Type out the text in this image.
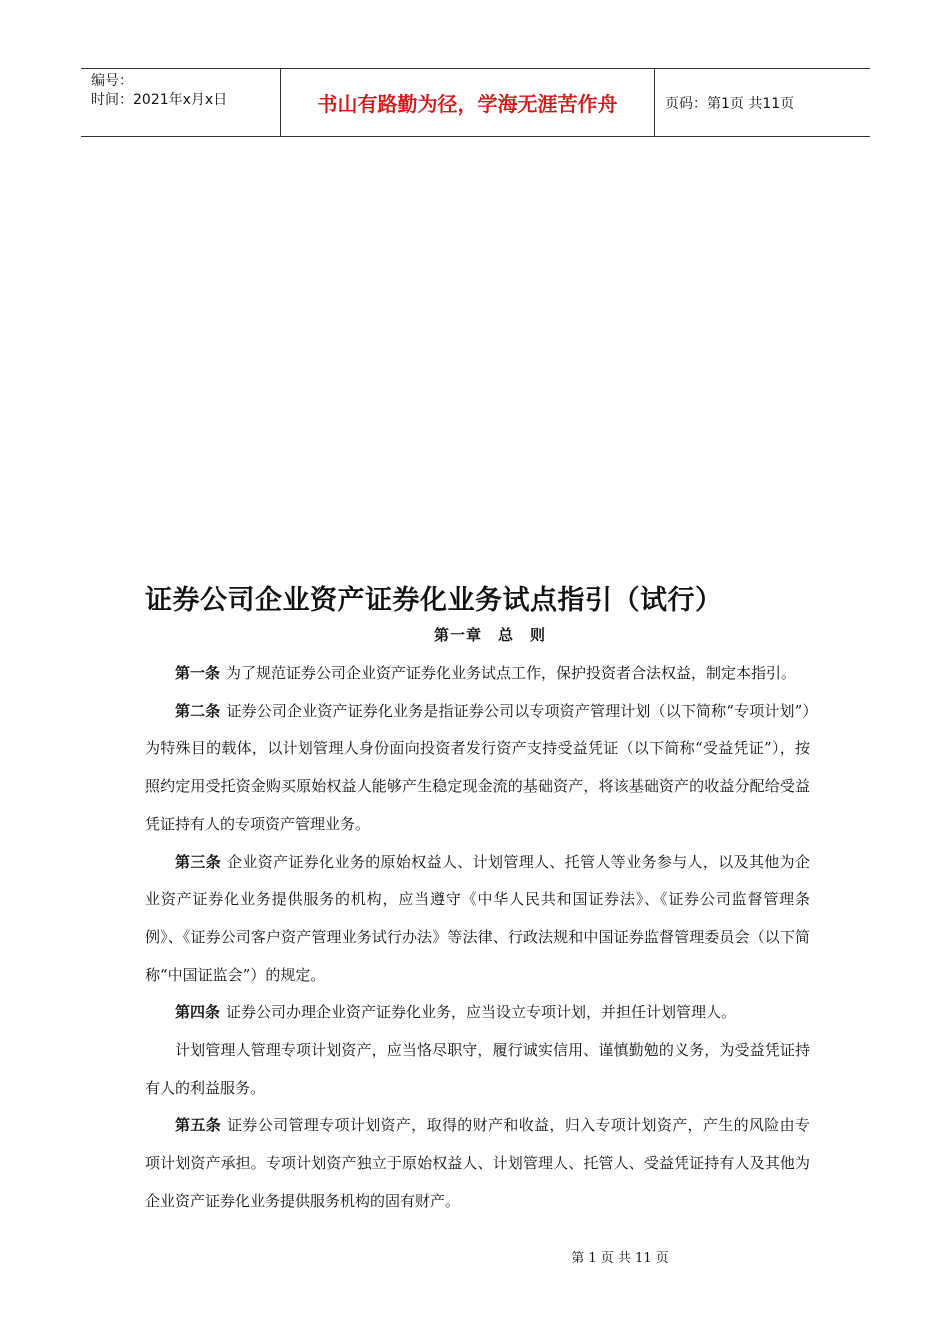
编号：
时间：2021年x月x日	书山有路勤为径，学海无涯苦作舟	页码：第1页 共11页
证券公司企业资产证券化业务试点指引（试行）
第一章　总　则

第一条 为了规范证券公司企业资产证券化业务试点工作，保护投资者合法权益，制定本指引。

第二条 证券公司企业资产证券化业务是指证券公司以专项资产管理计划（以下简称“专项计划”）为特殊目的载体，以计划管理人身份面向投资者发行资产支持受益凭证（以下简称“受益凭证”），按照约定用受托资金购买原始权益人能够产生稳定现金流的基础资产，将该基础资产的收益分配给受益凭证持有人的专项资产管理业务。

第三条 企业资产证券化业务的原始权益人、计划管理人、托管人等业务参与人，以及其他为企业资产证券化业务提供服务的机构，应当遵守《中华人民共和国证券法》、《证券公司监督管理条例》、《证券公司客户资产管理业务试行办法》等法律、行政法规和中国证券监督管理委员会（以下简称“中国证监会”）的规定。

第四条 证券公司办理企业资产证券化业务，应当设立专项计划，并担任计划管理人。

计划管理人管理专项计划资产，应当恪尽职守，履行诚实信用、谨慎勤勉的义务，为受益凭证持有人的利益服务。

第五条 证券公司管理专项计划资产，取得的财产和收益，归入专项计划资产，产生的风险由专项计划资产承担。专项计划资产独立于原始权益人、计划管理人、托管人、受益凭证持有人及其他为企业资产证券化业务提供服务机构的固有财产。

第 1 页 共 11 页
